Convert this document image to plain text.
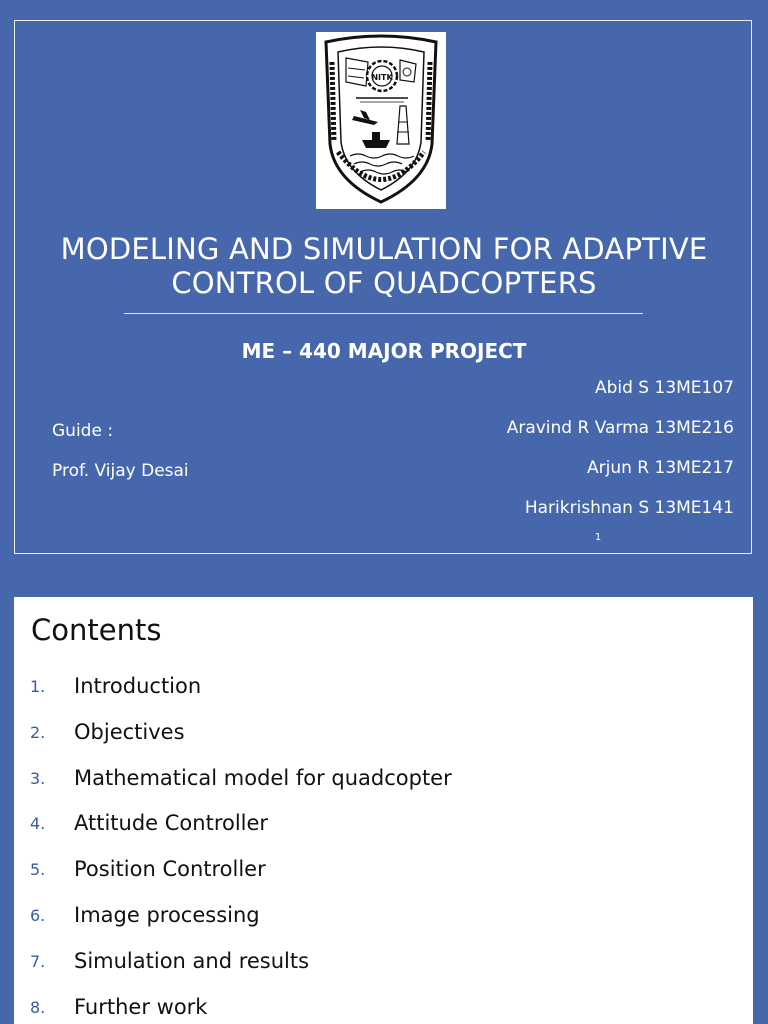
NITK
MODELING AND SIMULATION FOR ADAPTIVE CONTROL OF QUADCOPTERS
ME – 440 MAJOR PROJECT
Guide :
Prof. Vijay Desai
Abid S 13ME107
Aravind R Varma 13ME216
Arjun R 13ME217
Harikrishnan S 13ME141
1
Contents
1.	Introduction
2.	Objectives
3.	Mathematical model for quadcopter
4.	Attitude Controller
5.	Position Controller
6.	Image processing
7.	Simulation and results
8.	Further work
